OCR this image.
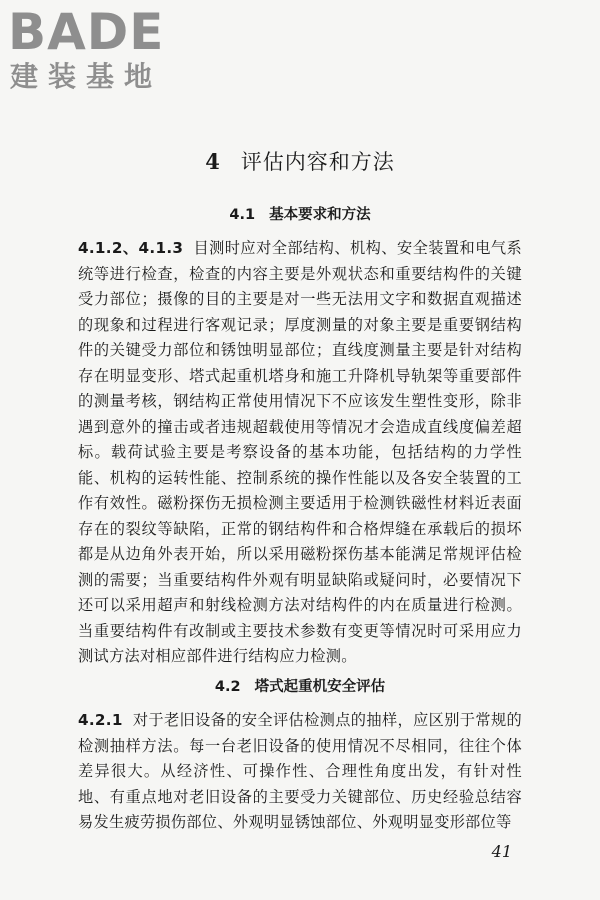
BADE
建装基地
4 评估内容和方法
4.1 基本要求和方法

4.1.2、4.1.3 目测时应对全部结构、机构、安全装置和电气系统等进行检查，检查的内容主要是外观状态和重要结构件的关键受力部位；摄像的目的主要是对一些无法用文字和数据直观描述的现象和过程进行客观记录；厚度测量的对象主要是重要钢结构件的关键受力部位和锈蚀明显部位；直线度测量主要是针对结构存在明显变形、塔式起重机塔身和施工升降机导轨架等重要部件的测量考核，钢结构正常使用情况下不应该发生塑性变形，除非遇到意外的撞击或者违规超载使用等情况才会造成直线度偏差超标。载荷试验主要是考察设备的基本功能，包括结构的力学性能、机构的运转性能、控制系统的操作性能以及各安全装置的工作有效性。磁粉探伤无损检测主要适用于检测铁磁性材料近表面存在的裂纹等缺陷，正常的钢结构件和合格焊缝在承载后的损坏都是从边角外表开始，所以采用磁粉探伤基本能满足常规评估检测的需要；当重要结构件外观有明显缺陷或疑问时，必要情况下还可以采用超声和射线检测方法对结构件的内在质量进行检测。当重要结构件有改制或主要技术参数有变更等情况时可采用应力测试方法对相应部件进行结构应力检测。

4.2 塔式起重机安全评估

4.2.1 对于老旧设备的安全评估检测点的抽样，应区别于常规的检测抽样方法。每一台老旧设备的使用情况不尽相同，往往个体差异很大。从经济性、可操作性、合理性角度出发，有针对性地、有重点地对老旧设备的主要受力关键部位、历史经验总结容易发生疲劳损伤部位、外观明显锈蚀部位、外观明显变形部位等

41
